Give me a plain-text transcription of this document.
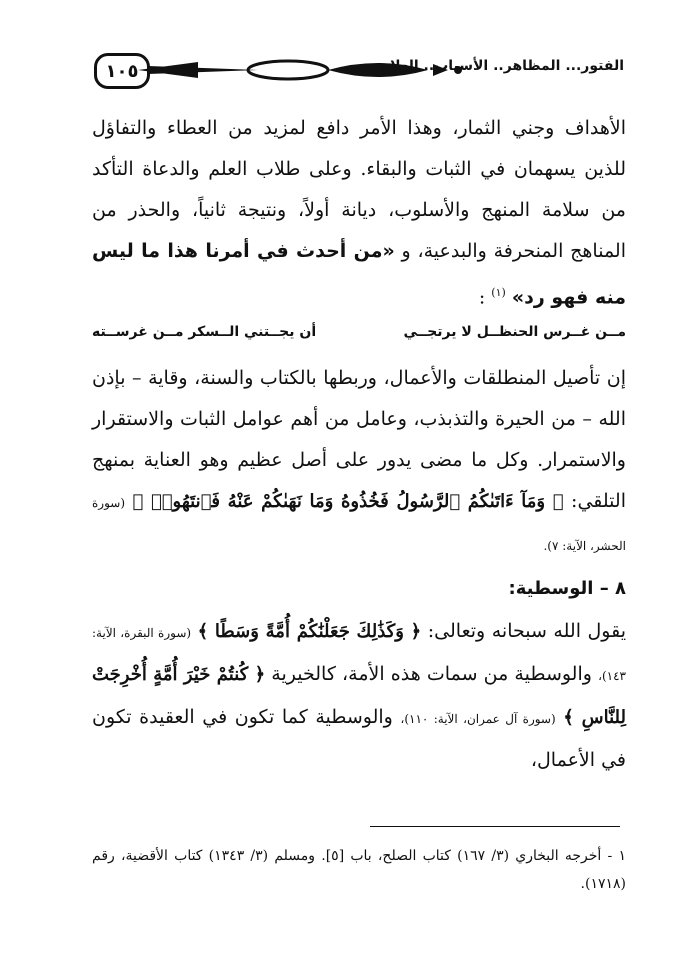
١٠٥	الفتور... المظاهر.. الأسباب.. العلاج

الأهداف وجني الثمار، وهذا الأمر دافع لمزيد من العطاء والتفاؤل للذين يسهمان في الثبات والبقاء. وعلى طلاب العلم والدعاة التأكد من سلامة المنهج والأسلوب، ديانة أولاً، ونتيجة ثانياً، والحذر من المناهج المنحرفة والبدعية، و «من أحدث في أمرنا هذا ما ليس منه فهو رد» $^{(١)}$ :

مــن غــرس الحنظــل لا يرتجــي
أن يجــتني الــسكر مــن غرســته

إن تأصيل المنطلقات والأعمال، وربطها بالكتاب والسنة، وقاية – بإذن الله – من الحيرة والتذبذب، وعامل من أهم عوامل الثبات والاستقرار والاستمرار. وكل ما مضى يدور على أصل عظيم وهو العناية بمنهج التلقي: ﴿ وَمَآ ءَاتَىٰكُمُ ٱلرَّسُولُ فَخُذُوهُ وَمَا نَهَىٰكُمْ عَنْهُ فَٱنتَهُوا۟ ﴾ (سورة الحشر، الآية: ٧).

٨ – الوسطية:

يقول الله سبحانه وتعالى: ﴿ وَكَذَٰلِكَ جَعَلْنَٰكُمْ أُمَّةً وَسَطًا ﴾ (سورة البقرة، الآية: ١٤٣)، والوسطية من سمات هذه الأمة، كالخيرية ﴿ كُنتُمْ خَيْرَ أُمَّةٍ أُخْرِجَتْ لِلنَّاسِ ﴾ (سورة آل عمران، الآية: ١١٠)، والوسطية كما تكون في العقيدة تكون في الأعمال،

١ - أخرجه البخاري (٣/ ١٦٧) كتاب الصلح، باب [٥]. ومسلم (٣/ ١٣٤٣) كتاب الأقضية، رقم (١٧١٨).
